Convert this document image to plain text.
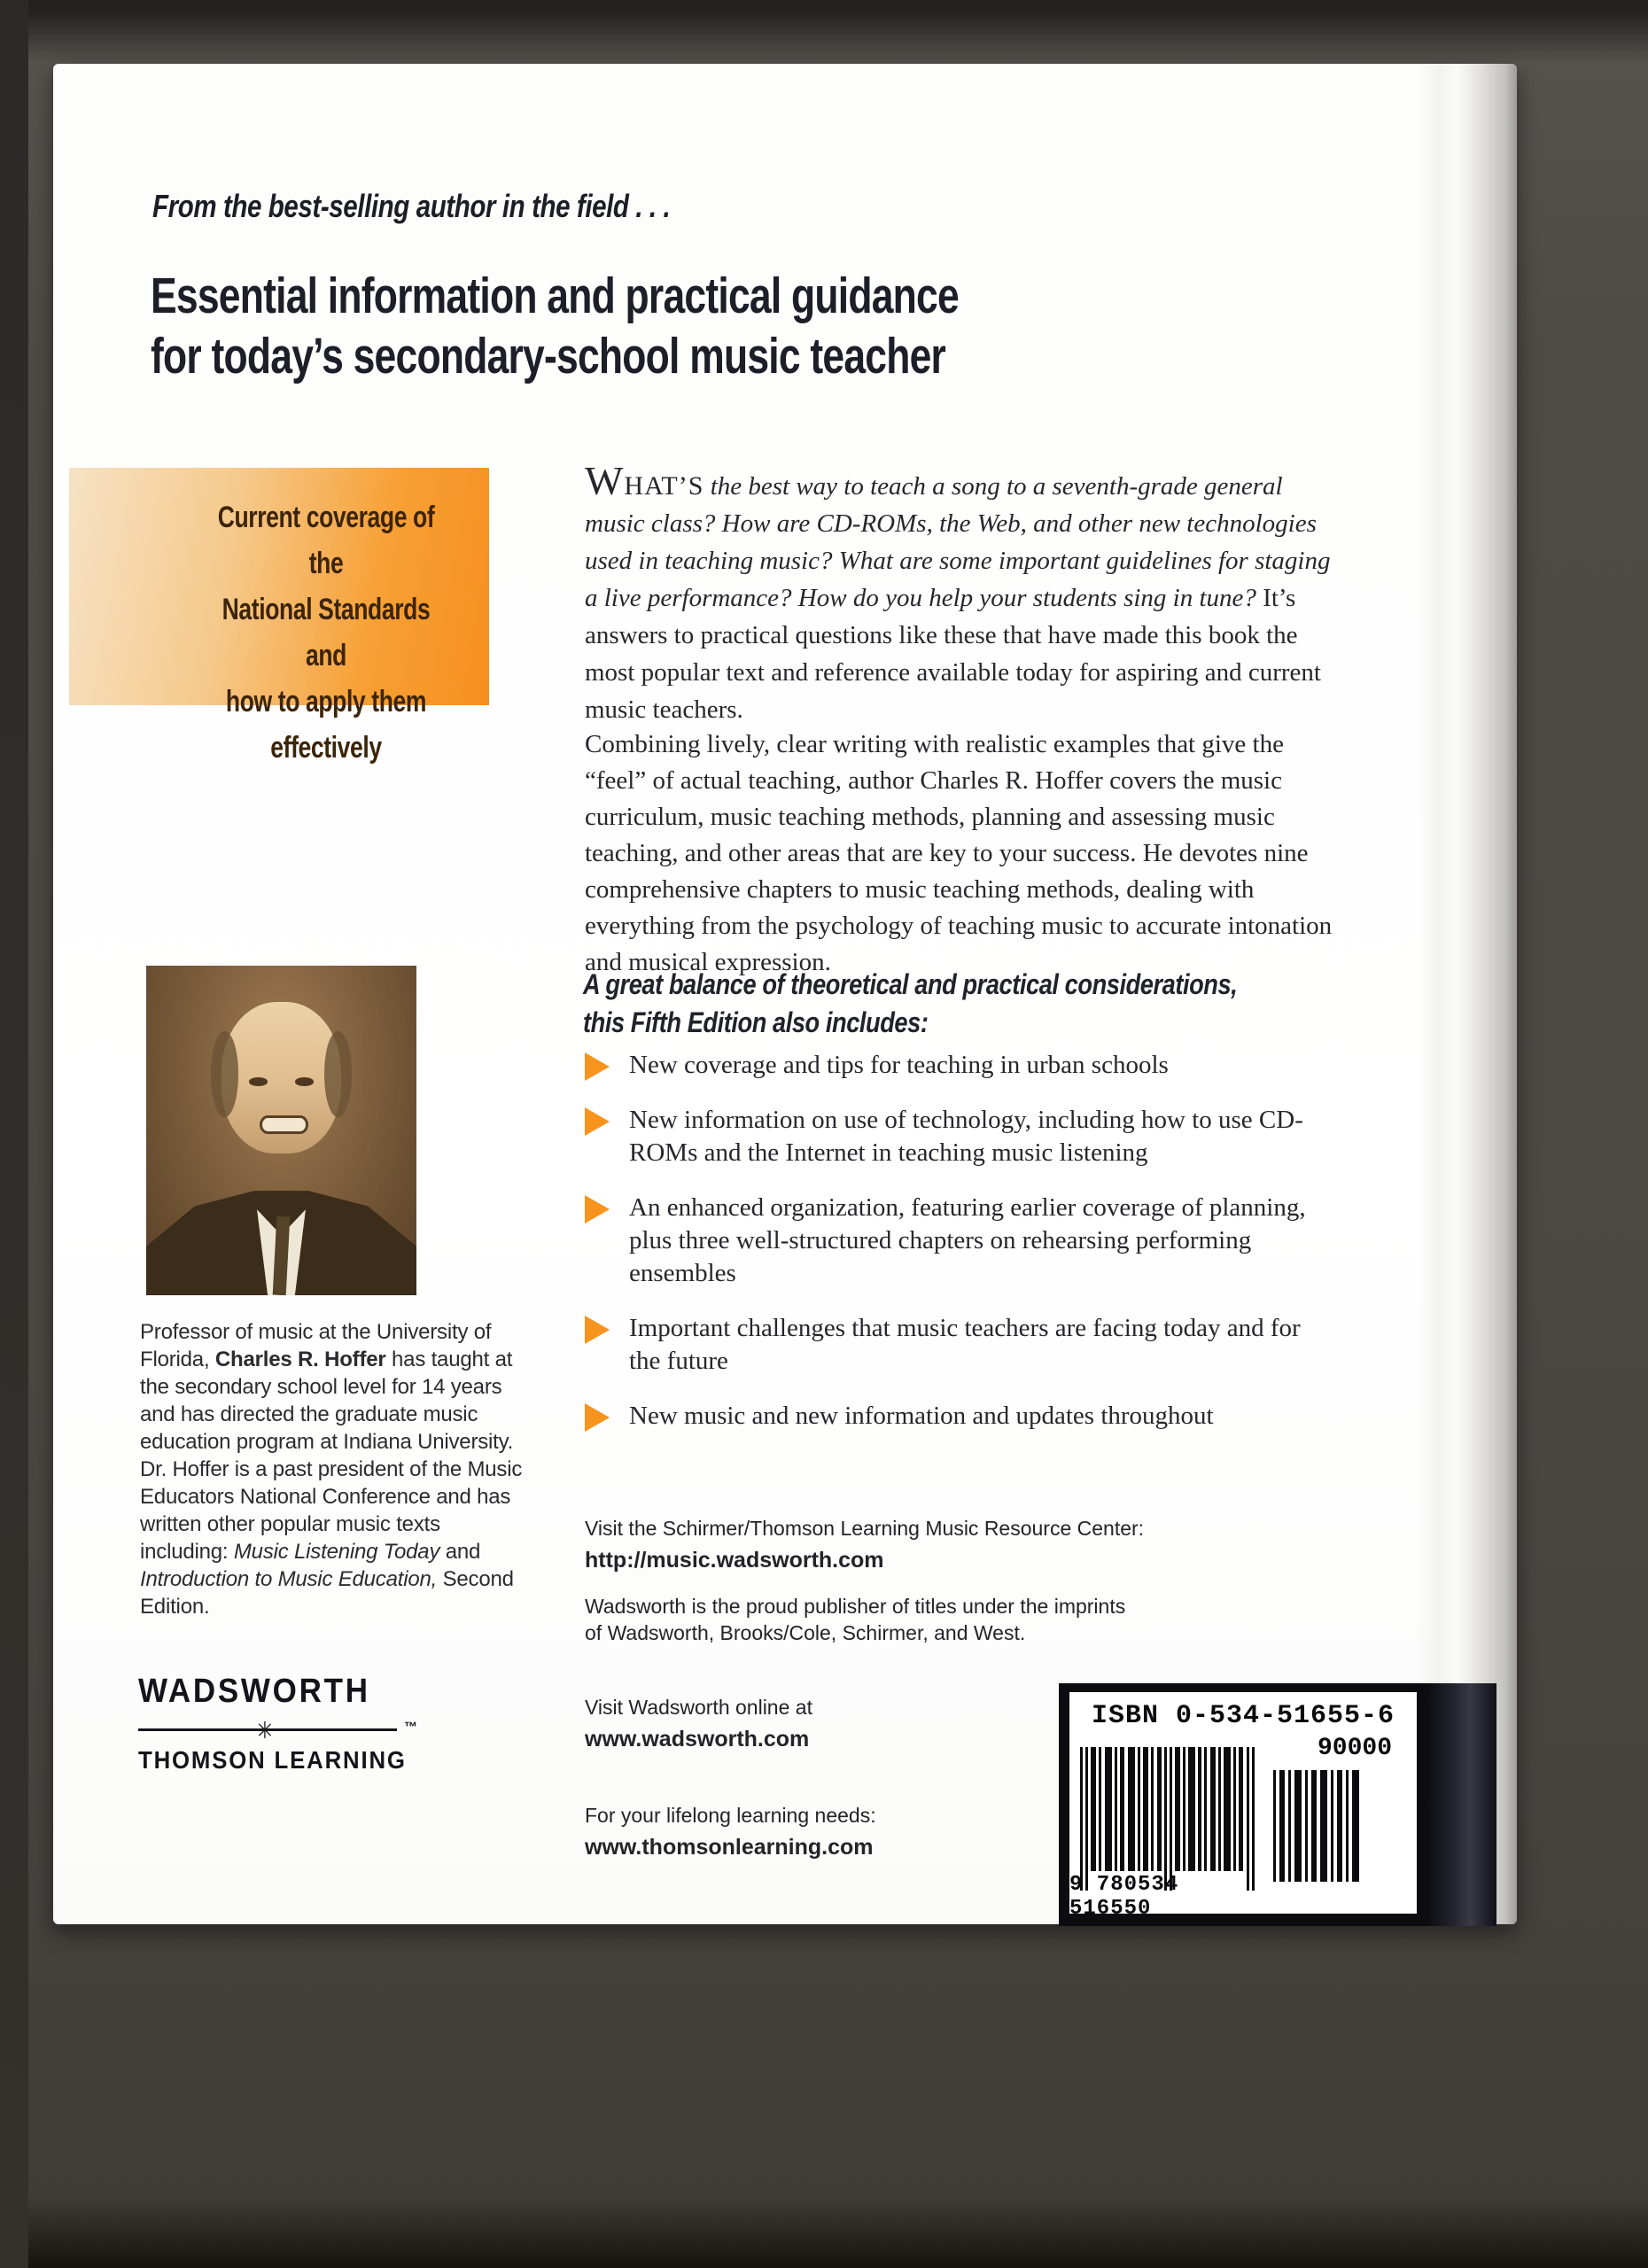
From the best-selling author in the field . . .
Essential information and practical guidance
for today’s secondary-school music teacher
Current coverage of the
National Standards and
how to apply them
effectively
WHAT’S the best way to teach a song to a seventh-grade general music class? How are CD-ROMs, the Web, and other new technologies used in teaching music? What are some important guidelines for staging a live performance? How do you help your students sing in tune? It’s answers to practical questions like these that have made this book the most popular text and reference available today for aspiring and current music teachers.
Combining lively, clear writing with realistic examples that give the “feel” of actual teaching, author Charles R. Hoffer covers the music curriculum, music teaching methods, planning and assessing music teaching, and other areas that are key to your success. He devotes nine comprehensive chapters to music teaching methods, dealing with everything from the psychology of teaching music to accurate intonation and musical expression.
A great balance of theoretical and practical considerations,
this Fifth Edition also includes:
New coverage and tips for teaching in urban schools
New information on use of technology, including how to use CD-ROMs and the Internet in teaching music listening
An enhanced organization, featuring earlier coverage of planning, plus three well-structured chapters on rehearsing performing ensembles
Important challenges that music teachers are facing today and for the future
New music and new information and updates throughout
Professor of music at the University of Florida, Charles R. Hoffer has taught at the secondary school level for 14 years and has directed the graduate music education program at Indiana University. Dr. Hoffer is a past president of the Music Educators National Conference and has written other popular music texts including: Music Listening Today and Introduction to Music Education, Second Edition.
WADSWORTH
✳	™
THOMSON LEARNING
Visit the Schirmer/Thomson Learning Music Resource Center:
http://music.wadsworth.com
Wadsworth is the proud publisher of titles under the imprints
of Wadsworth, Brooks/Cole, Schirmer, and West.
Visit Wadsworth online at
www.wadsworth.com
For your lifelong learning needs:
www.thomsonlearning.com
ISBN 0-534-51655-6
90000
9 780534 516550
